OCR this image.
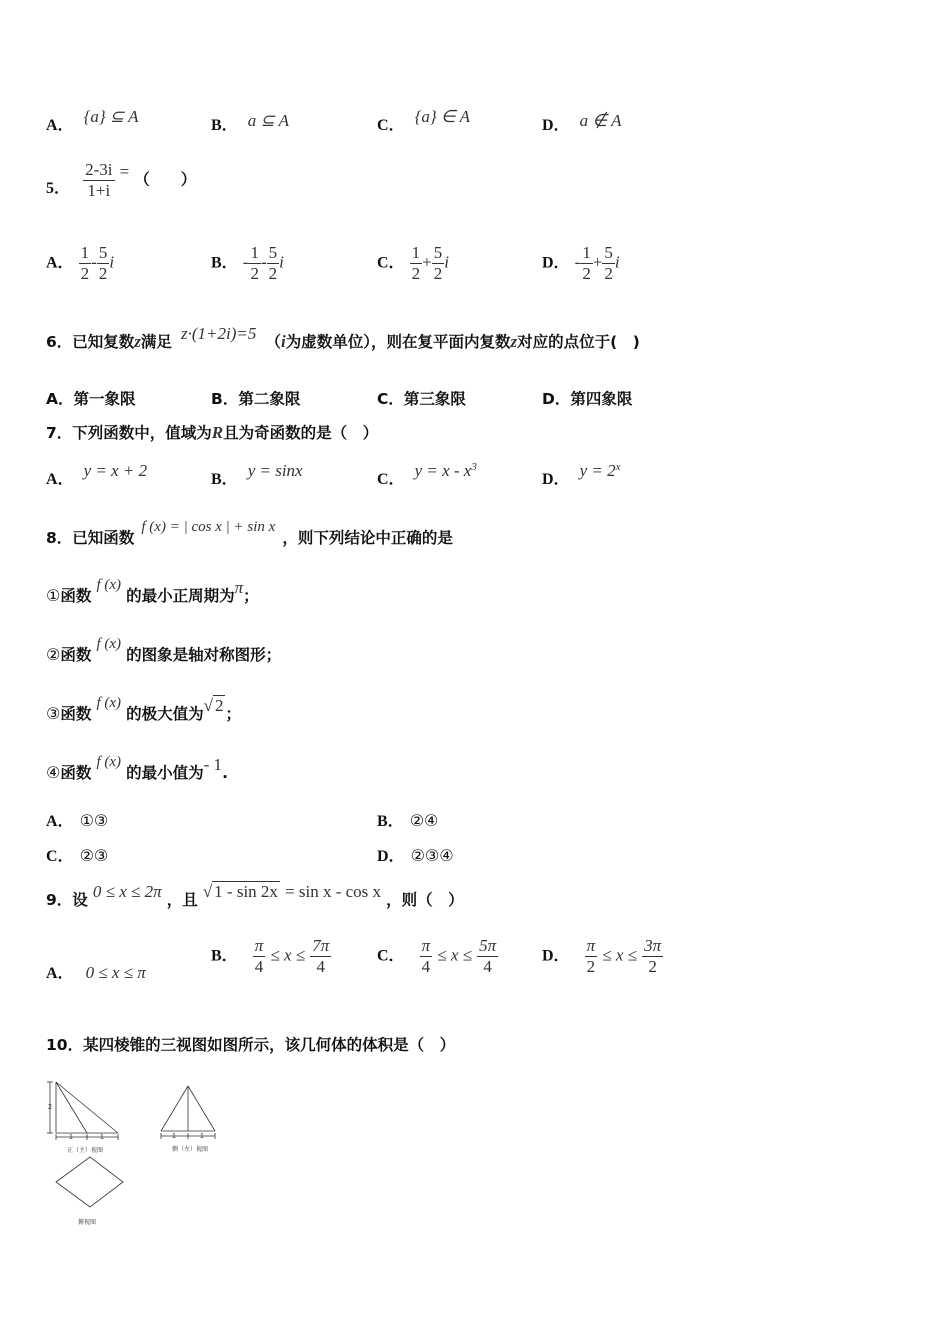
A． {a} ⊆ A	B． a ⊆ A	C． {a} ∈ A	D． a ∉ A
5． $\frac{2-3i}{1+i}$ = （　　）
A． $\frac{1}{2} - \frac{5}{2}$ i	B． - $\frac{1}{2} - \frac{5}{2}$ i	C． $\frac{1}{2} + \frac{5}{2}$ i	D． - $\frac{1}{2} + \frac{5}{2}$ i
6．已知复数z满足 z·(1+2i)=5 （i为虚数单位），则在复平面内复数z对应的点位于(　)
A．第一象限	B．第二象限	C．第三象限	D．第四象限
7．下列函数中，值域为R且为奇函数的是（　）
A． y = x + 2	B． y = sinx	C． $y = x - x^3$
D． $y = 2^x$
8．已知函数 f (x) = | cos x | + sin x ，则下列结论中正确的是
①函数 f (x) 的最小正周期为π；
②函数 f (x) 的图象是轴对称图形；
③函数 f (x) 的极大值为√ 2 ；
④函数 f (x) 的最小值为- 1.
A． ①③	B． ②④
C． ②③	D． ②③④
9．设 0 ≤ x ≤ 2π ，且 √ 1 - sin 2x = sin x - cos x ，则（　）
A． 0 ≤ x ≤ π
B． $\frac{\pi}{4} \le x \le \frac{7\pi}{4}$	C． $\frac{\pi}{4} \le x \le \frac{5\pi}{4}$	D． $\frac{\pi}{2} \le x \le \frac{3\pi}{2}$
10．某四棱锥的三视图如图所示，该几何体的体积是（　）
2
1	1
正（主）视图
1	1
侧（左）视图
俯视图
